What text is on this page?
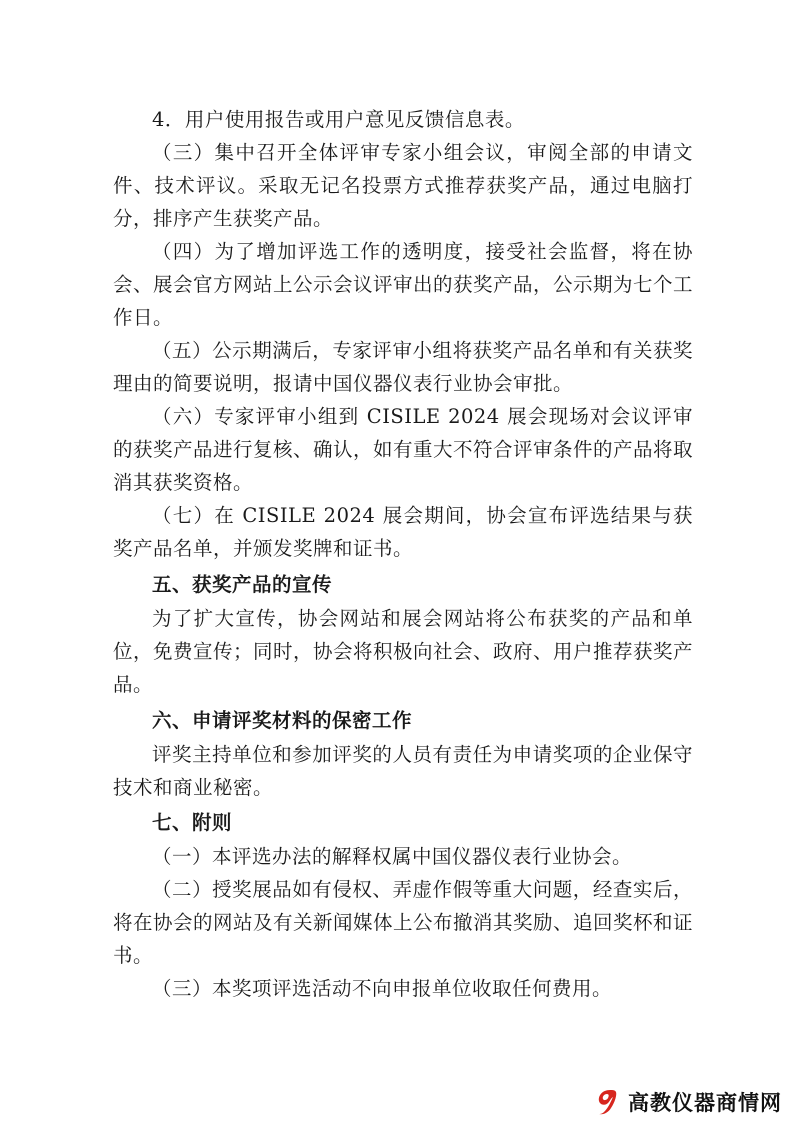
4．用户使用报告或用户意见反馈信息表。

（三）集中召开全体评审专家小组会议，审阅全部的申请文件、技术评议。采取无记名投票方式推荐获奖产品，通过电脑打分，排序产生获奖产品。

（四）为了增加评选工作的透明度，接受社会监督，将在协会、展会官方网站上公示会议评审出的获奖产品，公示期为七个工作日。

（五）公示期满后，专家评审小组将获奖产品名单和有关获奖理由的简要说明，报请中国仪器仪表行业协会审批。

（六）专家评审小组到 CISILE 2024 展会现场对会议评审的获奖产品进行复核、确认，如有重大不符合评审条件的产品将取消其获奖资格。

（七）在 CISILE 2024 展会期间，协会宣布评选结果与获奖产品名单，并颁发奖牌和证书。

五、获奖产品的宣传

为了扩大宣传，协会网站和展会网站将公布获奖的产品和单位，免费宣传；同时，协会将积极向社会、政府、用户推荐获奖产品。

六、申请评奖材料的保密工作

评奖主持单位和参加评奖的人员有责任为申请奖项的企业保守技术和商业秘密。

七、附则

（一）本评选办法的解释权属中国仪器仪表行业协会。

（二）授奖展品如有侵权、弄虚作假等重大问题，经查实后，将在协会的网站及有关新闻媒体上公布撤消其奖励、追回奖杯和证书。

（三）本奖项评选活动不向申报单位收取任何费用。

高教仪器商情网
